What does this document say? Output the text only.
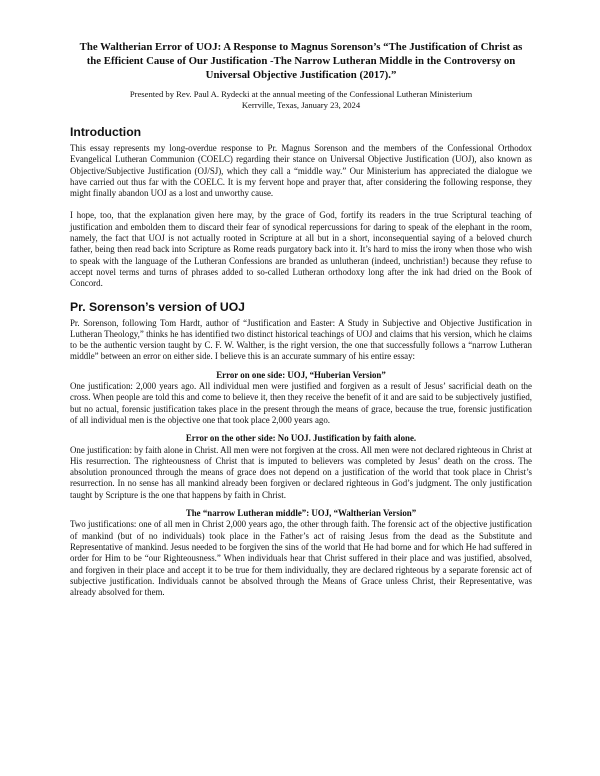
The Waltherian Error of UOJ: A Response to Magnus Sorenson’s “The Justification of Christ as the Efficient Cause of Our Justification -The Narrow Lutheran Middle in the Controversy on Universal Objective Justification (2017).”
Presented by Rev. Paul A. Rydecki at the annual meeting of the Confessional Lutheran Ministerium
Kerrville, Texas, January 23, 2024
Introduction

This essay represents my long-overdue response to Pr. Magnus Sorenson and the members of the Confessional Orthodox Evangelical Lutheran Communion (COELC) regarding their stance on Universal Objective Justification (UOJ), also known as Objective/Subjective Justification (OJ/SJ), which they call a “middle way.” Our Ministerium has appreciated the dialogue we have carried out thus far with the COELC. It is my fervent hope and prayer that, after considering the following response, they might finally abandon UOJ as a lost and unworthy cause.

I hope, too, that the explanation given here may, by the grace of God, fortify its readers in the true Scriptural teaching of justification and embolden them to discard their fear of synodical repercussions for daring to speak of the elephant in the room, namely, the fact that UOJ is not actually rooted in Scripture at all but in a short, inconsequential saying of a beloved church father, being then read back into Scripture as Rome reads purgatory back into it. It’s hard to miss the irony when those who wish to speak with the language of the Lutheran Confessions are branded as unlutheran (indeed, unchristian!) because they refuse to accept novel terms and turns of phrases added to so-called Lutheran orthodoxy long after the ink had dried on the Book of Concord.

Pr. Sorenson’s version of UOJ

Pr. Sorenson, following Tom Hardt, author of “Justification and Easter: A Study in Subjective and Objective Justification in Lutheran Theology,” thinks he has identified two distinct historical teachings of UOJ and claims that his version, which he claims to be the authentic version taught by C. F. W. Walther, is the right version, the one that successfully follows a “narrow Lutheran middle” between an error on either side. I believe this is an accurate summary of his entire essay:

Error on one side: UOJ, “Huberian Version”

One justification: 2,000 years ago. All individual men were justified and forgiven as a result of Jesus’ sacrificial death on the cross. When people are told this and come to believe it, then they receive the benefit of it and are said to be subjectively justified, but no actual, forensic justification takes place in the present through the means of grace, because the true, forensic justification of all individual men is the objective one that took place 2,000 years ago.

Error on the other side: No UOJ. Justification by faith alone.

One justification: by faith alone in Christ. All men were not forgiven at the cross. All men were not declared righteous in Christ at His resurrection. The righteousness of Christ that is imputed to believers was completed by Jesus’ death on the cross. The absolution pronounced through the means of grace does not depend on a justification of the world that took place in Christ’s resurrection. In no sense has all mankind already been forgiven or declared righteous in God’s judgment. The only justification taught by Scripture is the one that happens by faith in Christ.

The “narrow Lutheran middle”: UOJ, “Waltherian Version”

Two justifications: one of all men in Christ 2,000 years ago, the other through faith. The forensic act of the objective justification of mankind (but of no individuals) took place in the Father’s act of raising Jesus from the dead as the Substitute and Representative of mankind. Jesus needed to be forgiven the sins of the world that He had borne and for which He had suffered in order for Him to be “our Righteousness.” When individuals hear that Christ suffered in their place and was justified, absolved, and forgiven in their place and accept it to be true for them individually, they are declared righteous by a separate forensic act of subjective justification. Individuals cannot be absolved through the Means of Grace unless Christ, their Representative, was already absolved for them.
